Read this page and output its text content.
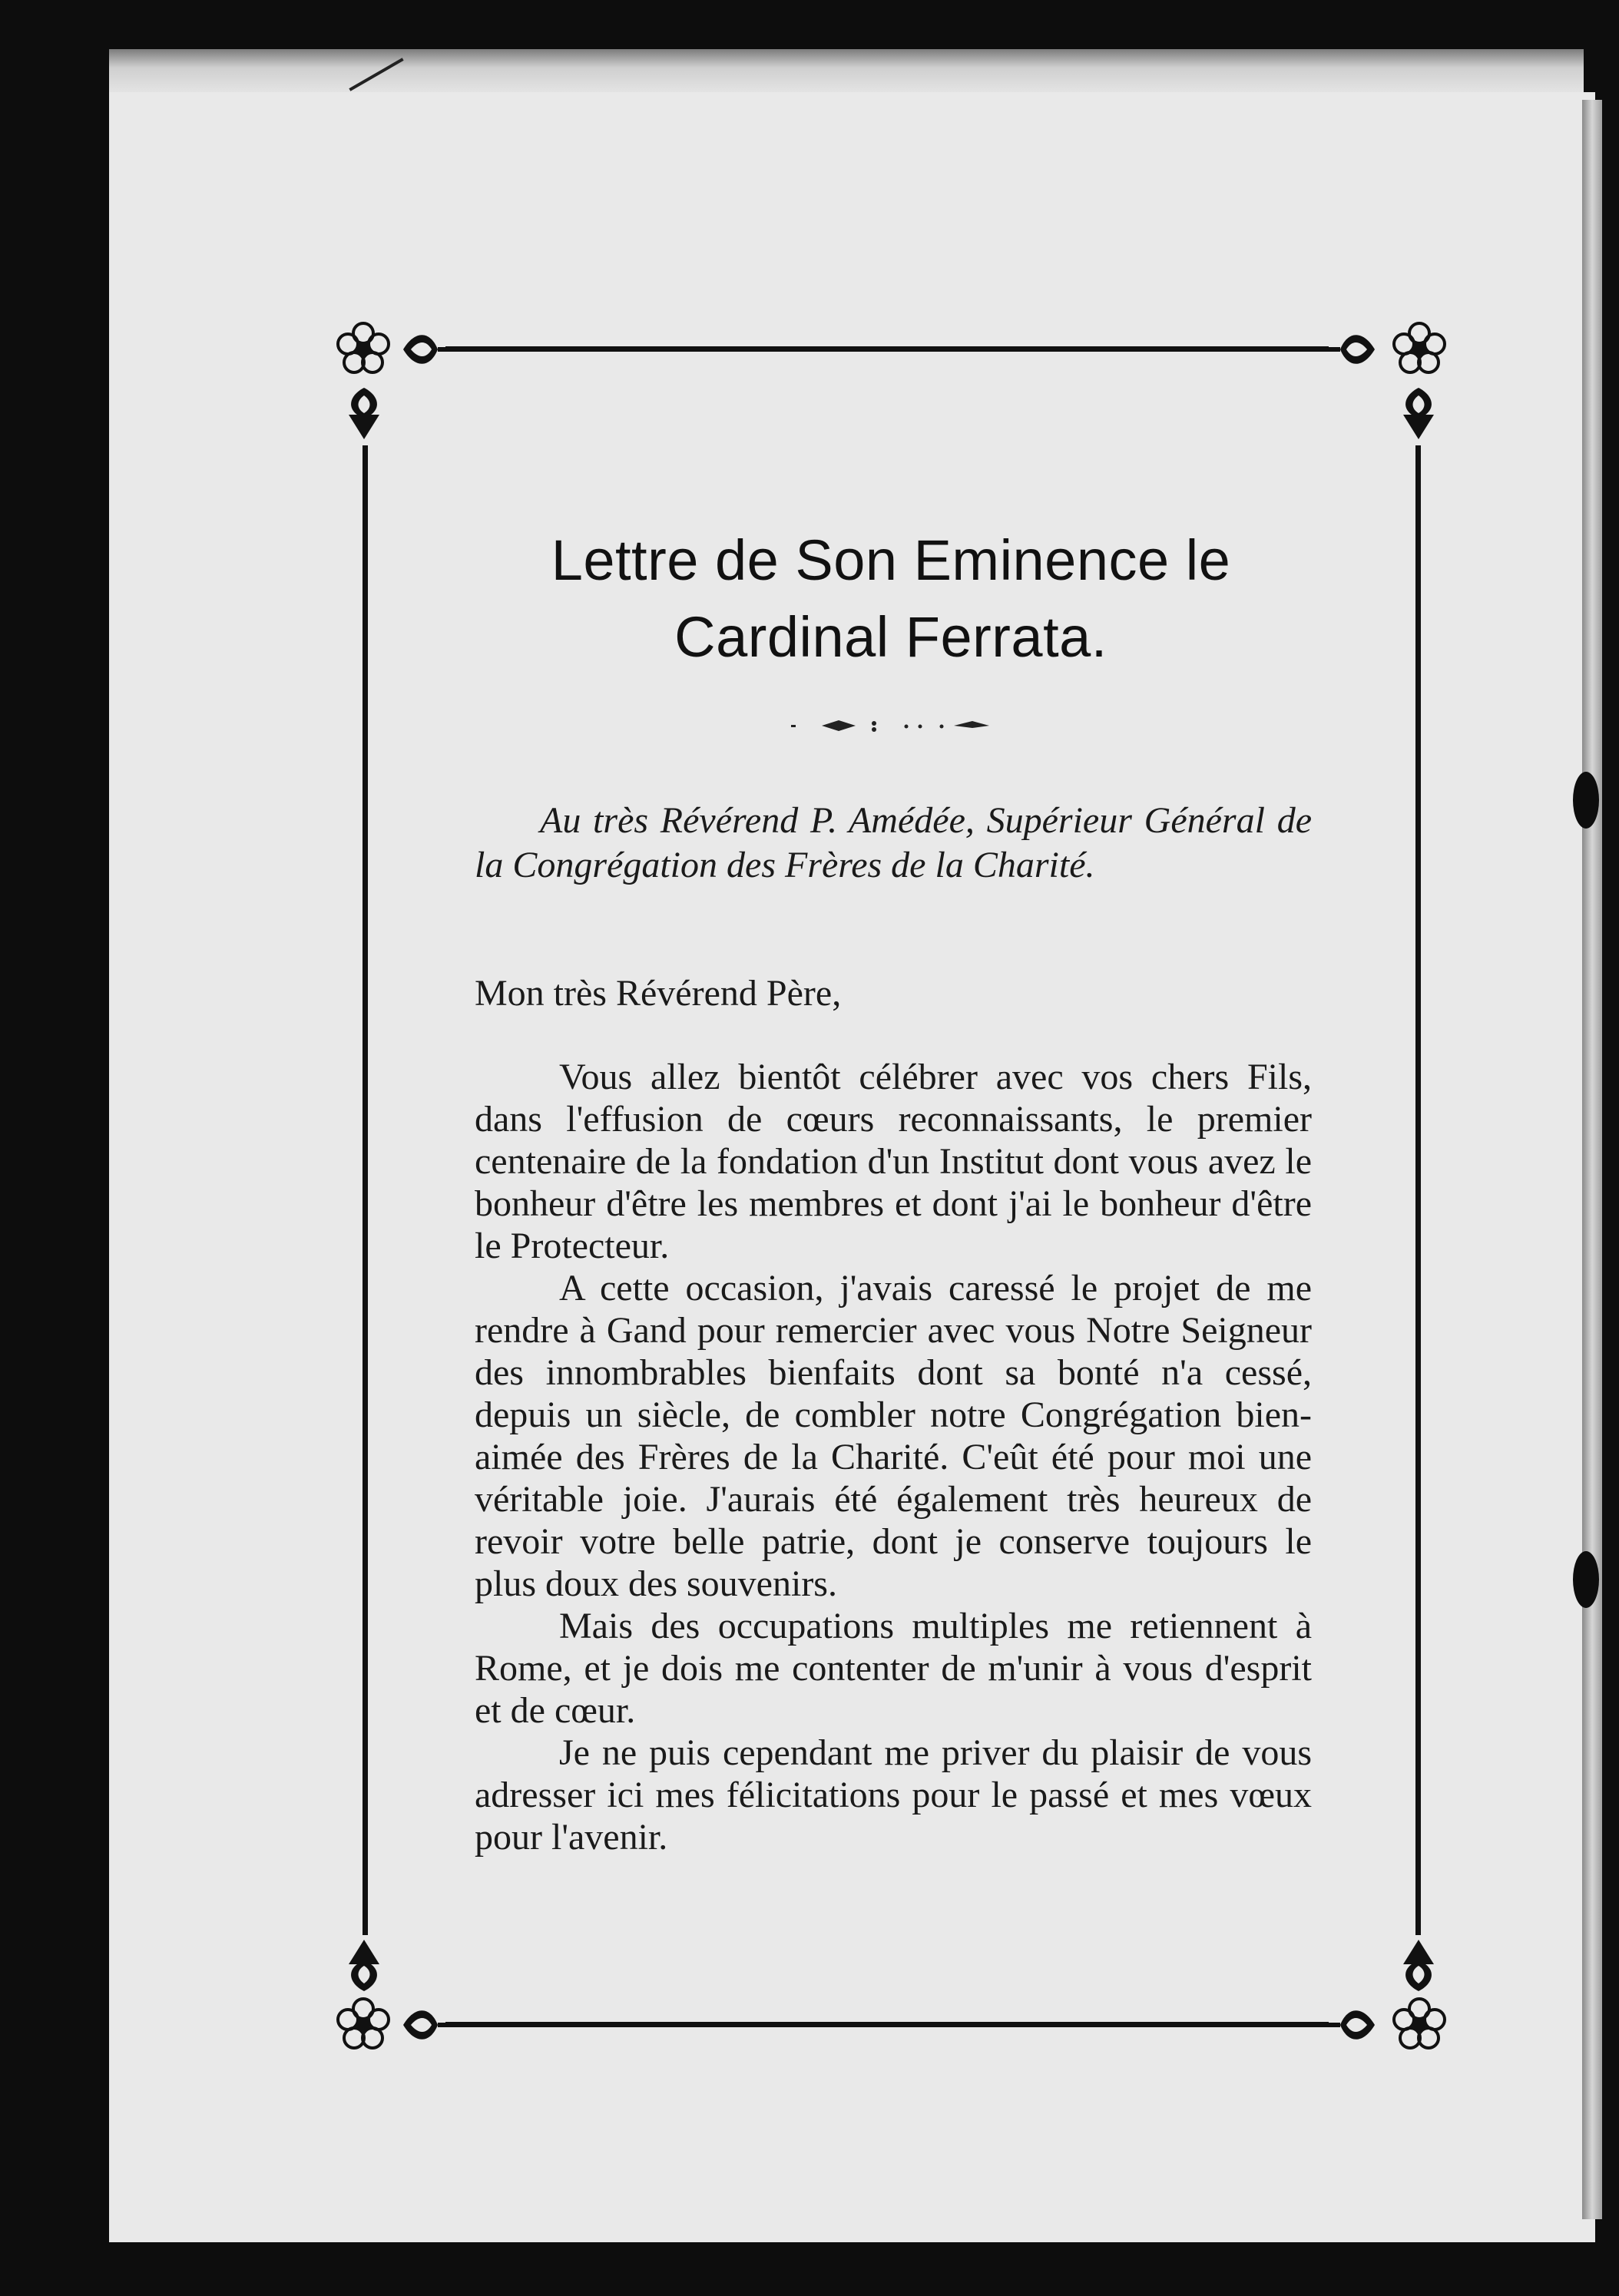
Lettre de Son Eminence le
Cardinal Ferrata.

Au très Révérend P. Amédée, Supérieur Général de la Congrégation des Frères de la Charité.

Mon très Révérend Père,

Vous allez bientôt célébrer avec vos chers Fils, dans l'effusion de cœurs reconnaissants, le premier centenaire de la fondation d'un Institut dont vous avez le bonheur d'être les membres et dont j'ai le bonheur d'être le Protecteur.

A cette occasion, j'avais caressé le projet de me rendre à Gand pour remercier avec vous Notre Seigneur des innombrables bienfaits dont sa bonté n'a cessé, depuis un siècle, de combler notre Congrégation bien-aimée des Frères de la Charité. C'eût été pour moi une véritable joie. J'aurais été également très heureux de revoir votre belle patrie, dont je conserve toujours le plus doux des souvenirs.

Mais des occupations multiples me retiennent à Rome, et je dois me contenter de m'unir à vous d'esprit et de cœur.

Je ne puis cependant me priver du plaisir de vous adresser ici mes félicitations pour le passé et mes vœux pour l'avenir.
